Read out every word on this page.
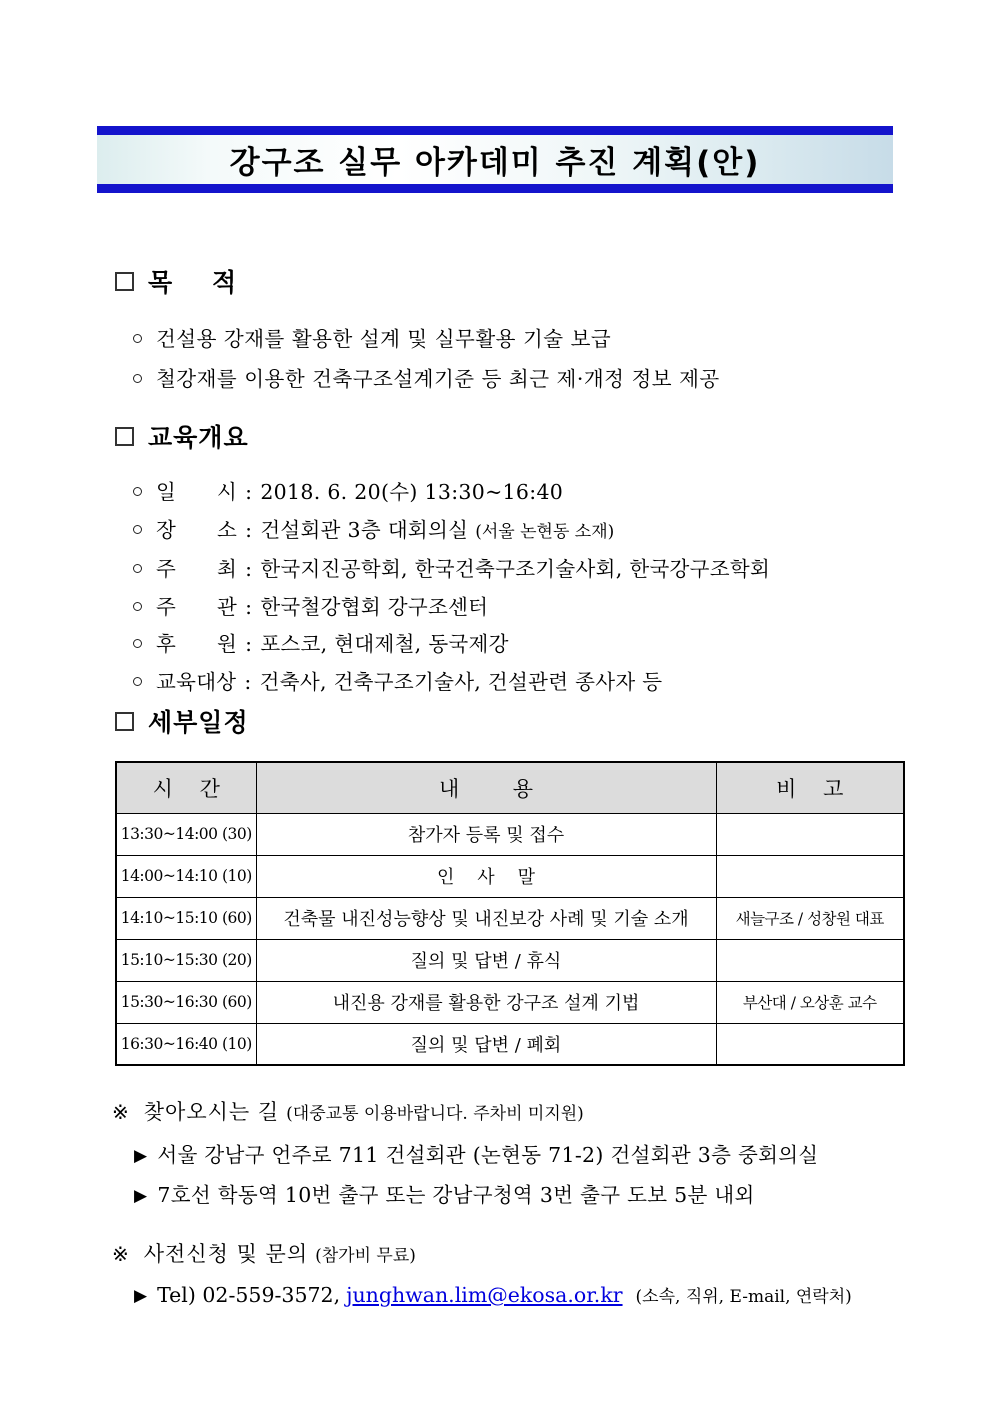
강구조 실무 아카데미 추진 계획(안)
목    적
건설용 강재를 활용한 설계 및 실무활용 기술 보급
철강재를 이용한 건축구조설계기준 등 최근 제·개정 정보 제공
교육개요
일      시 : 2018. 6. 20(수) 13:30~16:40
장      소 : 건설회관 3층 대회의실 (서울 논현동 소재)
주      최 : 한국지진공학회, 한국건축구조기술사회, 한국강구조학회
주      관 : 한국철강협회 강구조센터
후      원 : 포스코, 현대제철, 동국제강
교육대상 : 건축사, 건축구조기술사, 건설관련 종사자 등
세부일정
시    간	내        용	비    고
13:30~14:00 (30)	참가자 등록 및 접수	
14:00~14:10 (10)	인    사    말	
14:10~15:10 (60)	건축물 내진성능향상 및 내진보강 사례 및 기술 소개	새늘구조 / 성창원 대표
15:10~15:30 (20)	질의 및 답변 / 휴식	
15:30~16:30 (60)	내진용 강재를 활용한 강구조 설계 기법	부산대 / 오상훈 교수
16:30~16:40 (10)	질의 및 답변 / 폐회	
※ 찾아오시는 길 (대중교통 이용바랍니다. 주차비 미지원)
▶ 서울 강남구 언주로 711 건설회관 (논현동 71-2) 건설회관 3층 중회의실
▶ 7호선 학동역 10번 출구 또는 강남구청역 3번 출구 도보 5분 내외
※ 사전신청 및 문의 (참가비 무료)
▶ Tel) 02-559-3572, junghwan.lim@ekosa.or.kr (소속, 직위, E-mail, 연락처)
